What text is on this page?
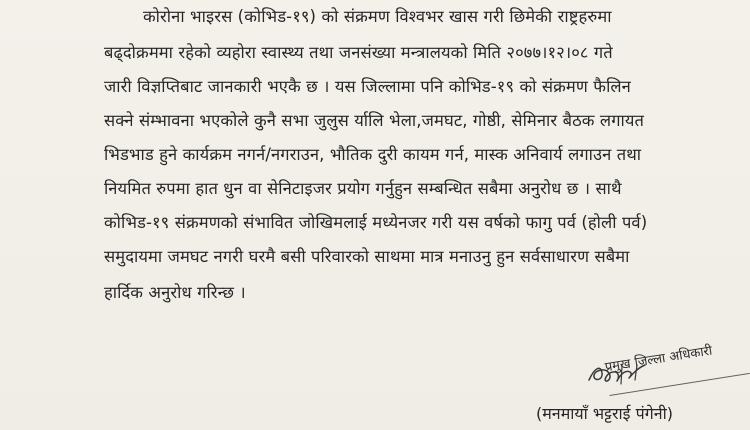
कोरोना भाइरस (कोभिड-१९) को संक्रमण विश्वभर खास गरी छिमेकी राष्ट्रहरुमा
बढ्दोक्रममा रहेको व्यहोरा स्वास्थ्य तथा जनसंख्या मन्त्रालयको मिति २०७७।१२।०८ गते
जारी विज्ञप्तिबाट जानकारी भएकै छ । यस जिल्लामा पनि कोभिड-१९ को संक्रमण फैलिन
सक्ने संम्भावना भएकोले कुनै सभा जुलुस र्यालि भेला,जमघट, गोष्ठी, सेमिनार बैठक लगायत
भिडभाड हुने कार्यक्रम नगर्न/नगराउन, भौतिक दुरी कायम गर्न, मास्क अनिवार्य लगाउन तथा
नियमित रुपमा हात धुन वा सेनिटाइजर प्रयोग गर्नुहुन सम्बन्धित सबैमा अनुरोध छ । साथै
कोभिड-१९ संक्रमणको संभावित जोखिमलाई मध्येनजर गरी यस वर्षको फागु पर्व (होली पर्व)
समुदायमा जमघट नगरी घरमै बसी परिवारको साथमा मात्र मनाउनु हुन सर्वसाधारण सबैमा
हार्दिक अनुरोध गरिन्छ ।
प्रमुख जिल्ला अधिकारी
(मनमायाँ भट्टराई पंगेनी)
